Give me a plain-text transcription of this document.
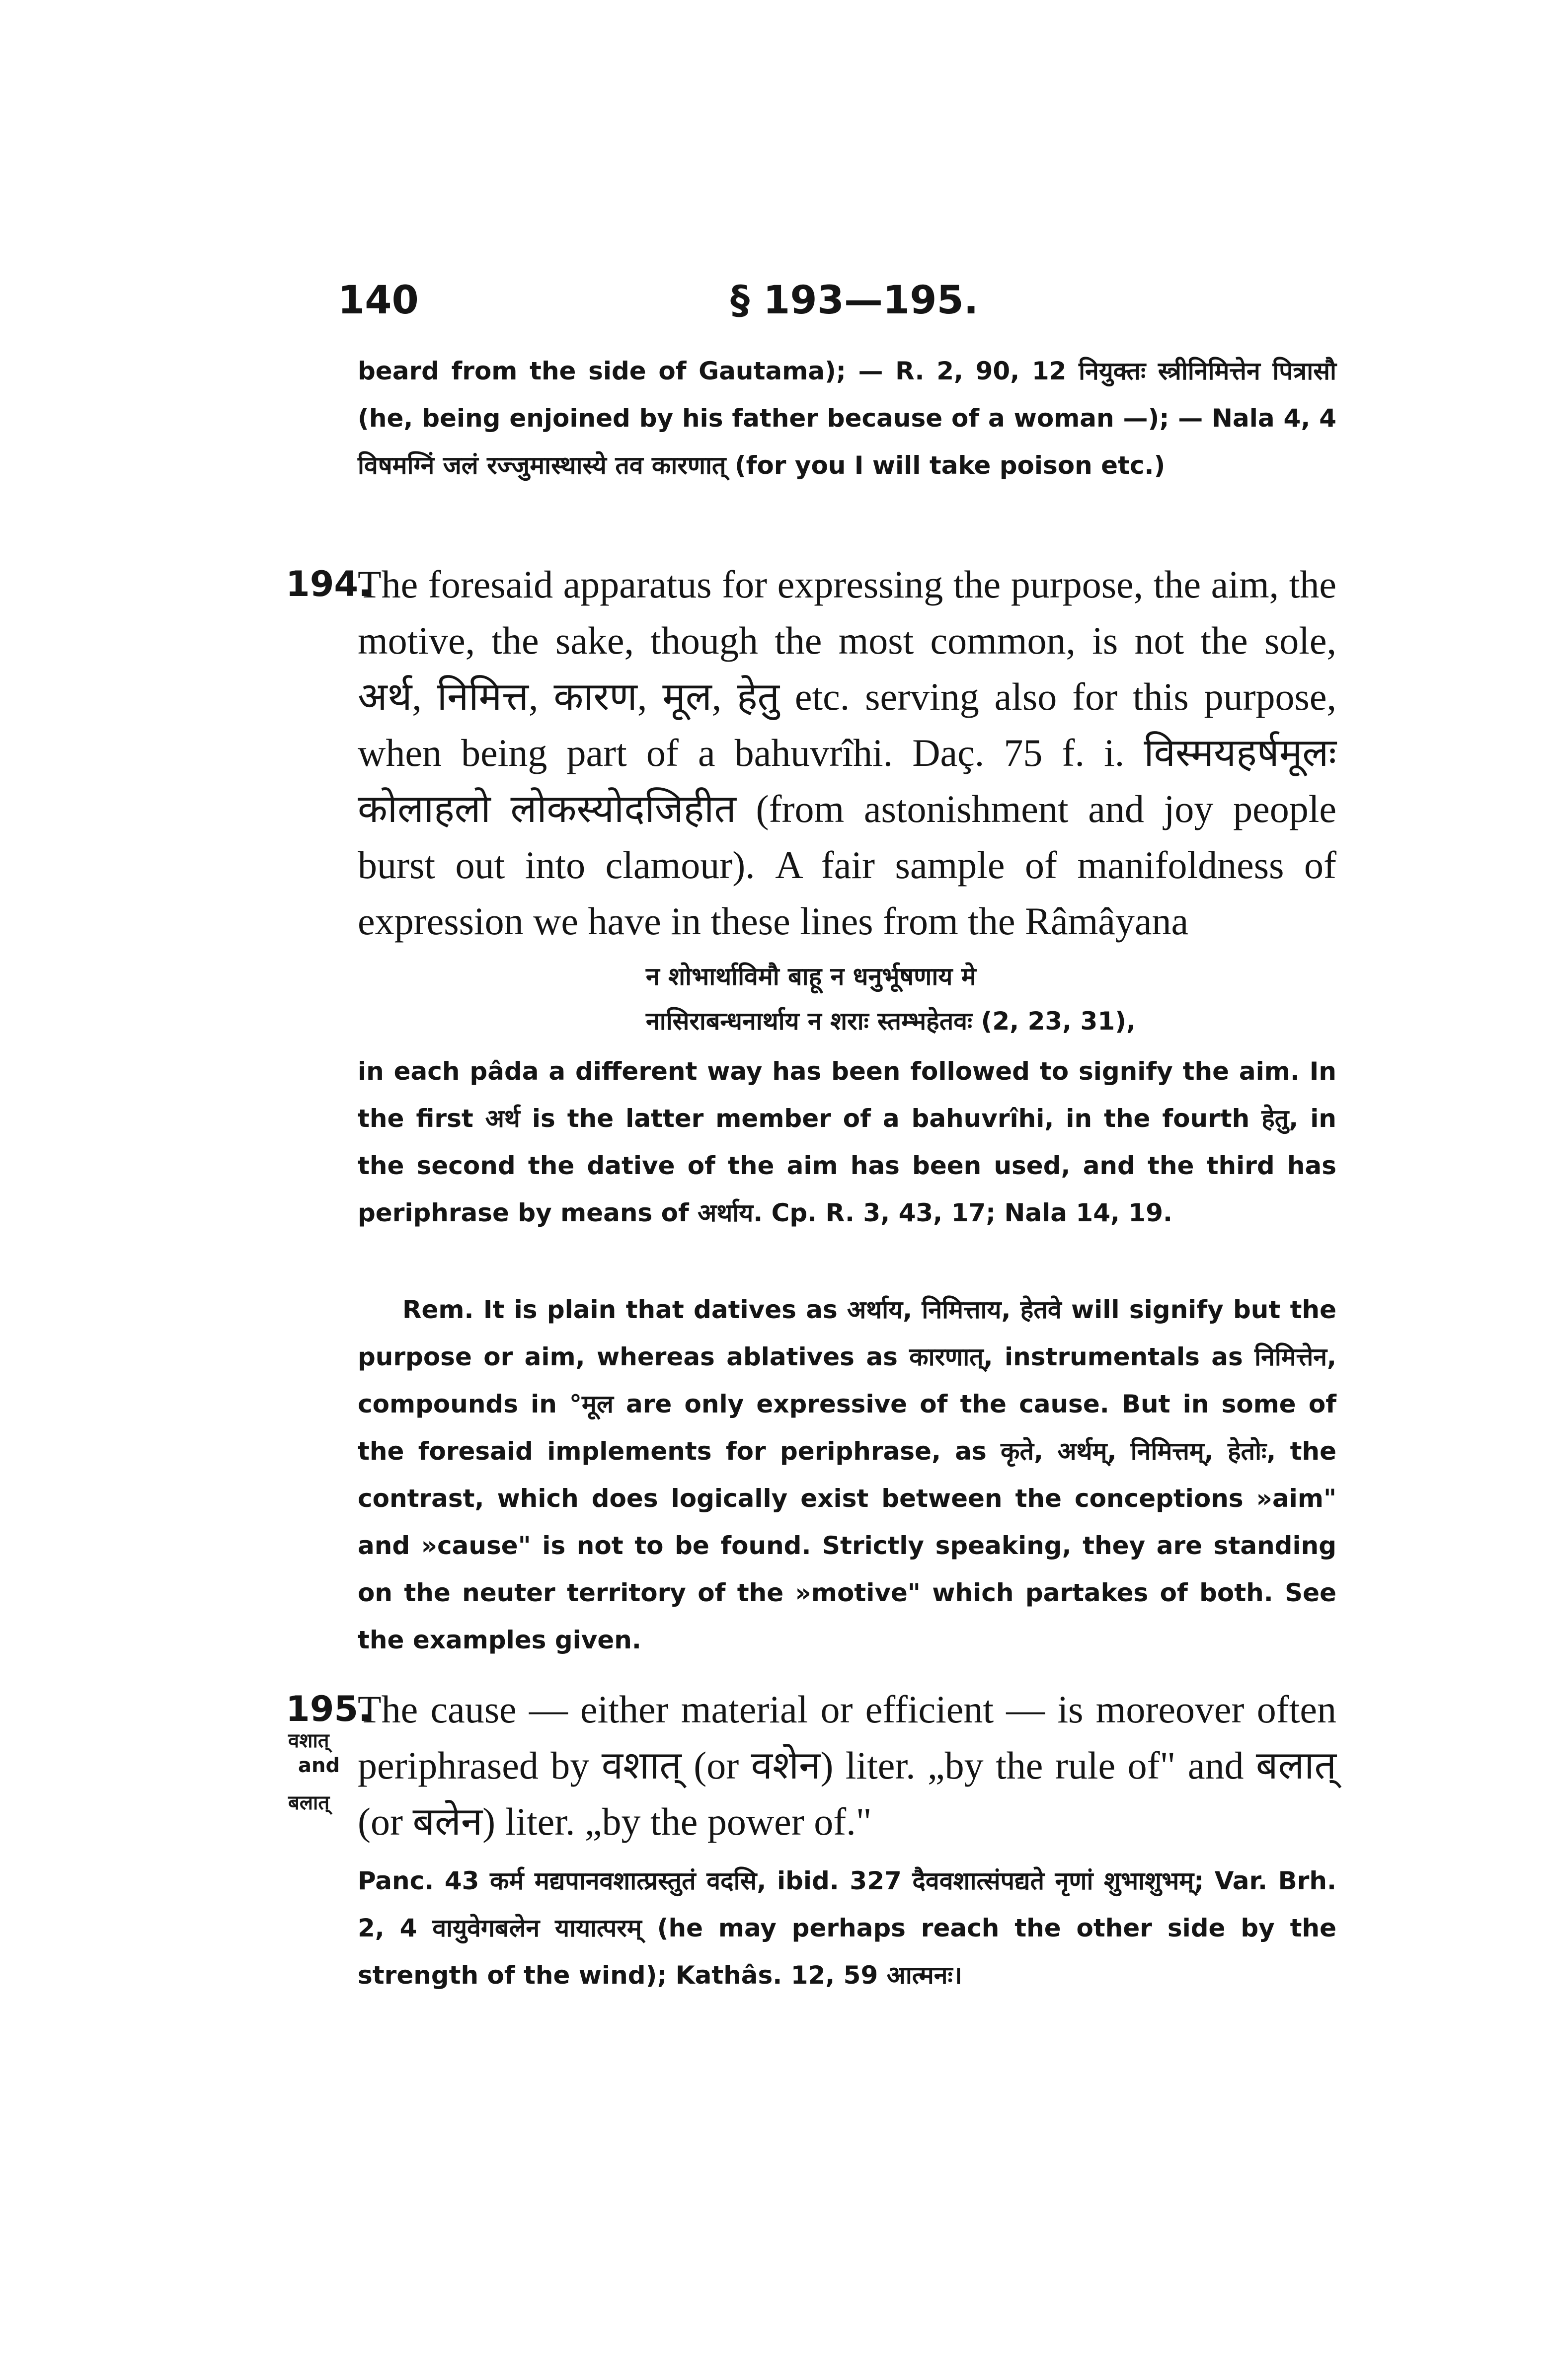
140	§ 193—195.
beard from the side of Gautama); — R. 2, 90, 12 नियुक्तः स्त्रीनिमित्तेन पित्रासौ (he, being enjoined by his father because of a woman —); — Nala 4, 4 विषमग्निं जलं रज्जुमास्थास्ये तव कारणात् (for you I will take poison etc.)
194.
The foresaid apparatus for expressing the purpose, the aim, the motive, the sake, though the most common, is not the sole, अर्थ, निमित्त, कारण, मूल, हेतु etc. serving also for this purpose, when being part of a bahuvrîhi. Daç. 75 f. i. विस्मयहर्षमूलः कोलाहलो लोकस्योदजिहीत (from astonishment and joy people burst out into clamour). A fair sample of manifoldness of expression we have in these lines from the Râmâyana
न शोभार्थाविमौ बाहू न धनुर्भूषणाय मे
नासिराबन्धनार्थाय न शराः स्तम्भहेतवः (2, 23, 31),
in each pâda a different way has been followed to signify the aim. In the first अर्थ is the latter member of a bahuvrîhi, in the fourth हेतु, in the second the dative of the aim has been used, and the third has periphrase by means of अर्थाय. Cp. R. 3, 43, 17; Nala 14, 19.
Rem. It is plain that datives as अर्थाय, निमित्ताय, हेतवे will signify but the purpose or aim, whereas ablatives as कारणात्, instrumentals as निमित्तेन, compounds in °मूल are only expressive of the cause. But in some of the foresaid implements for periphrase, as कृते, अर्थम्, निमित्तम्, हेतोः, the contrast, which does logically exist between the conceptions »aim" and »cause" is not to be found. Strictly speaking, they are standing on the neuter territory of the »motive" which partakes of both. See the examples given.
195.
वशात्
and
बलात्
The cause — either material or efficient — is moreover often periphrased by वशात् (or वशेन) liter. „by the rule of" and बलात् (or बलेन) liter. „by the power of."
Panc. 43 कर्म मद्यपानवशात्प्रस्तुतं वदसि, ibid. 327 दैववशात्संपद्यते नृणां शुभाशुभम्; Var. Brh. 2, 4 वायुवेगबलेन यायात्परम् (he may perhaps reach the other side by the strength of the wind); Kathâs. 12, 59 आत्मनः।
